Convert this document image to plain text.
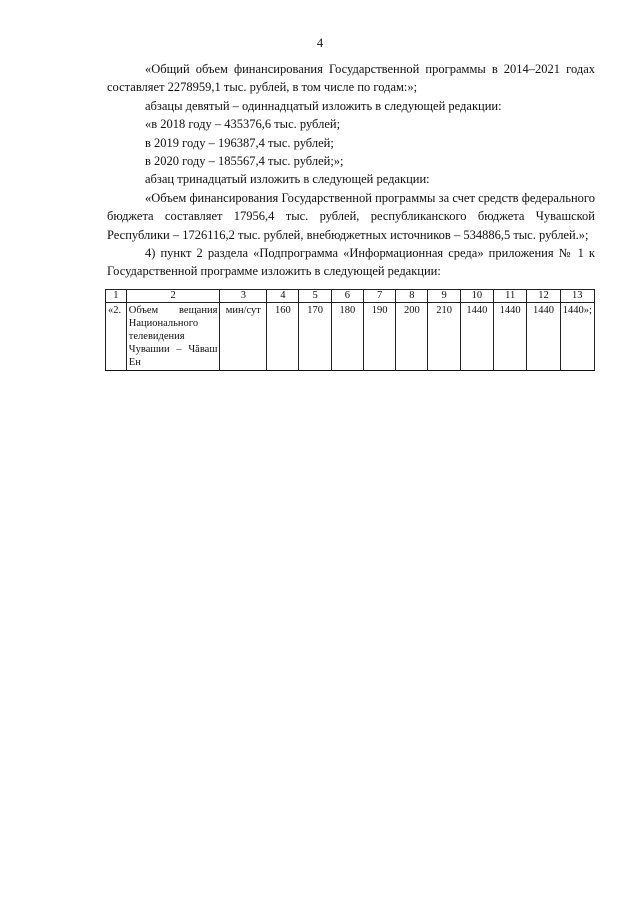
4

«Общий объем финансирования Государственной программы в 2014–2021 годах составляет 2278959,1 тыс. рублей, в том числе по годам:»;

абзацы девятый – одиннадцатый изложить в следующей редакции:

«в 2018 году – 435376,6 тыс. рублей;

в 2019 году – 196387,4 тыс. рублей;

в 2020 году – 185567,4 тыс. рублей;»;

абзац тринадцатый изложить в следующей редакции:

«Объем финансирования Государственной программы за счет средств федерального бюджета составляет 17956,4 тыс. рублей, республиканского бюджета Чувашской Республики – 1726116,2 тыс. рублей, внебюджетных источников – 534886,5 тыс. рублей.»;

4) пункт 2 раздела «Подпрограмма «Информационная среда» приложения № 1 к Государственной программе изложить в следующей редакции:

1	2	3	4	5	6	7	8	9	10	11	12	13
«2.	Объем вещания Национального телевидения Чувашии – Чăваш Ен	мин/сут	160	170	180	190	200	210	1440	1440	1440	1440»;
